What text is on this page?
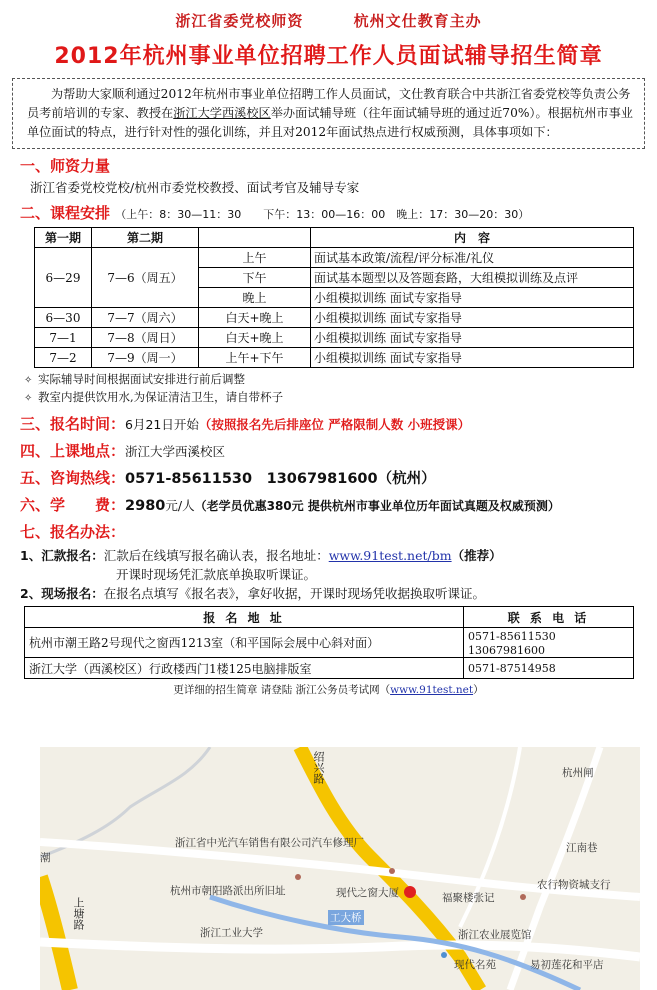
浙江省委党校师资	杭州文仕教育主办
2012年杭州事业单位招聘工作人员面试辅导招生简章
为帮助大家顺利通过2012年杭州市事业单位招聘工作人员面试，文仕教育联合中共浙江省委党校等负责公务员考前培训的专家、教授在浙江大学西溪校区举办面试辅导班（往年面试辅导班的通过近70%）。根据杭州市事业单位面试的特点，进行针对性的强化训练，并且对2012年面试热点进行权威预测，具体事项如下：
一、师资力量
浙江省委党校党校/杭州市委党校教授、面试考官及辅导专家
二、课程安排 （上午：8：30—11：30　　下午：13：00—16：00　晚上：17：30—20：30）
第一期	第二期		内　容
6—29	7—6（周五）	上午	面试基本政策/流程/评分标准/礼仪
		下午	面试基本题型以及答题套路，大组模拟训练及点评
		晚上	小组模拟训练 面试专家指导
6—30	7—7（周六）	白天+晚上	小组模拟训练 面试专家指导
7—1	7—8（周日）	白天+晚上	小组模拟训练 面试专家指导
7—2	7—9（周一）	上午+下午	小组模拟训练 面试专家指导
✧ 实际辅导时间根据面试安排进行前后调整
✧ 教室内提供饮用水,为保证清洁卫生，请自带杯子
三、报名时间：6月21日开始（按照报名先后排座位 严格限制人数 小班授课）
四、上课地点：浙江大学西溪校区
五、咨询热线：0571-85611530　13067981600（杭州）
六、学　　费：2980元/人（老学员优惠380元 提供杭州市事业单位历年面试真题及权威预测）
七、报名办法：
1、汇款报名：汇款后在线填写报名确认表，报名地址：www.91test.net/bm（推荐）
开课时现场凭汇款底单换取听课证。
2、现场报名：在报名点填写《报名表》，拿好收据，开课时现场凭收据换取听课证。
报 名 地 址	联 系 电 话
杭州市潮王路2号现代之窗西1213室（和平国际会展中心斜对面）	0571-85611530　13067981600
浙江大学（西溪校区）行政楼西门1楼125电脑排版室	0571-87514958
更详细的招生简章 请登陆 浙江公务员考试网（www.91test.net）
绍兴路	杭州闸
浙江省中光汽车销售有限公司汽车修理厂	江南巷
潮
杭州市朝阳路派出所旧址	现代之窗大厦	福聚楼张记
农行物资城支行
上塘路
浙江工业大学
工大桥
浙江农业展览馆
现代名苑	易初莲花和平店
